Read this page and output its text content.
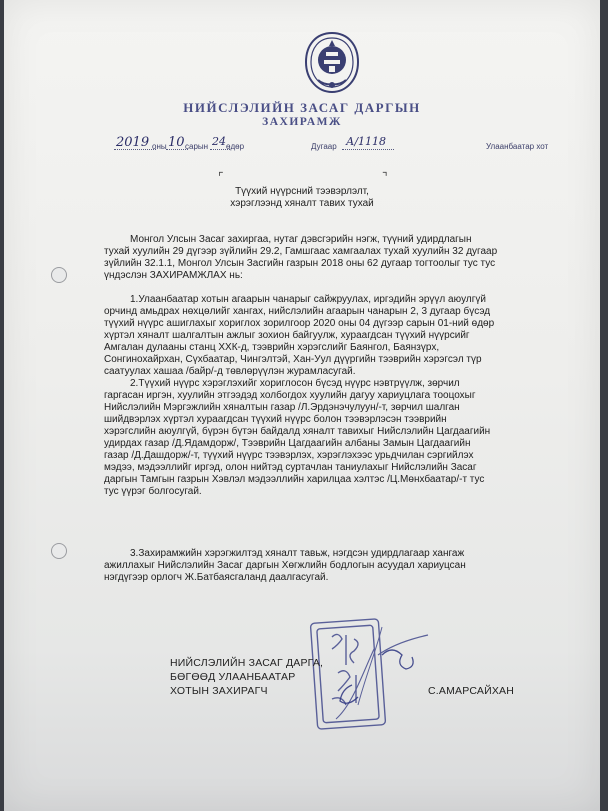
НИЙСЛЭЛИЙН ЗАСАГ ДАРГЫН
ЗАХИРАМЖ
2019 оны 10 сарын 24 өдөр	Дугаар А/1118	Улаанбаатар хот
⌜	⌝
Түүхий нүүрсний тээвэрлэлт,
хэрэглээнд хяналт тавих тухай
Монгол Улсын Засаг захиргаа, нутаг дэвсгэрийн нэгж, түүний удирдлагын
тухай хуулийн 29 дүгээр зүйлийн 29.2, Гамшгаас хамгаалах тухай хуулийн 32 дугаар
зүйлийн 32.1.1, Монгол Улсын Засгийн газрын 2018 оны 62 дугаар тогтоолыг тус тус
үндэслэн ЗАХИРАМЖЛАХ нь:
1.Улаанбаатар хотын агаарын чанарыг сайжруулах, иргэдийн эрүүл аюулгүй
орчинд амьдрах нөхцөлийг хангах, нийслэлийн агаарын чанарын 2, 3 дугаар бүсэд
түүхий нүүрс ашиглахыг хориглох зорилгоор 2020 оны 04 дүгээр сарын 01-ний өдөр
хүртэл хяналт шалгалтын ажлыг зохион байгуулж, хураагдсан түүхий нүүрсийг
Амгалан дулааны станц ХХК-д, тээврийн хэрэгслийг Баянгол, Баянзүрх,
Сонгинохайрхан, Сүхбаатар, Чингэлтэй, Хан-Уул дүүргийн тээврийн хэрэгсэл түр
саатуулах хашаа /байр/-д төвлөрүүлэн журамласугай.
2.Түүхий нүүрс хэрэглэхийг хориглосон бүсэд нүүрс нэвтрүүлж, зөрчил
гаргасан иргэн, хуулийн этгээдэд холбогдох хуулийн дагуу хариуцлага тооцохыг
Нийслэлийн Мэргэжлийн хяналтын газар /Л.Эрдэнэчулуун/-т, зөрчил шалган
шийдвэрлэх хүртэл хураагдсан түүхий нүүрс болон тээвэрлэсэн тээврийн
хэрэгслийн аюулгүй, бүрэн бүтэн байдалд хяналт тавихыг Нийслэлийн Цагдаагийн
удирдах газар /Д.Ядамдорж/, Тээврийн Цагдаагийн албаны Замын Цагдаагийн
газар /Д.Дашдорж/-т, түүхий нүүрс тээвэрлэх, хэрэглэхээс урьдчилан сэргийлэх
мэдээ, мэдээллийг иргэд, олон нийтэд суртачлан таниулахыг Нийслэлийн Засаг
даргын Тамгын газрын Хэвлэл мэдээллийн харилцаа хэлтэс /Ц.Мөнхбаатар/-т тус
тус үүрэг болгосугай.
3.Захирамжийн хэрэгжилтэд хяналт тавьж, нэгдсэн удирдлагаар хангаж
ажиллахыг Нийслэлийн Засаг даргын Хөгжлийн бодлогын асуудал хариуцсан
нэгдүгээр орлогч Ж.Батбаясгаланд даалгасугай.
НИЙСЛЭЛИЙН ЗАСАГ ДАРГА,
БӨГӨӨД УЛААНБААТАР
ХОТЫН ЗАХИРАГЧ	С.АМАРСАЙХАН
